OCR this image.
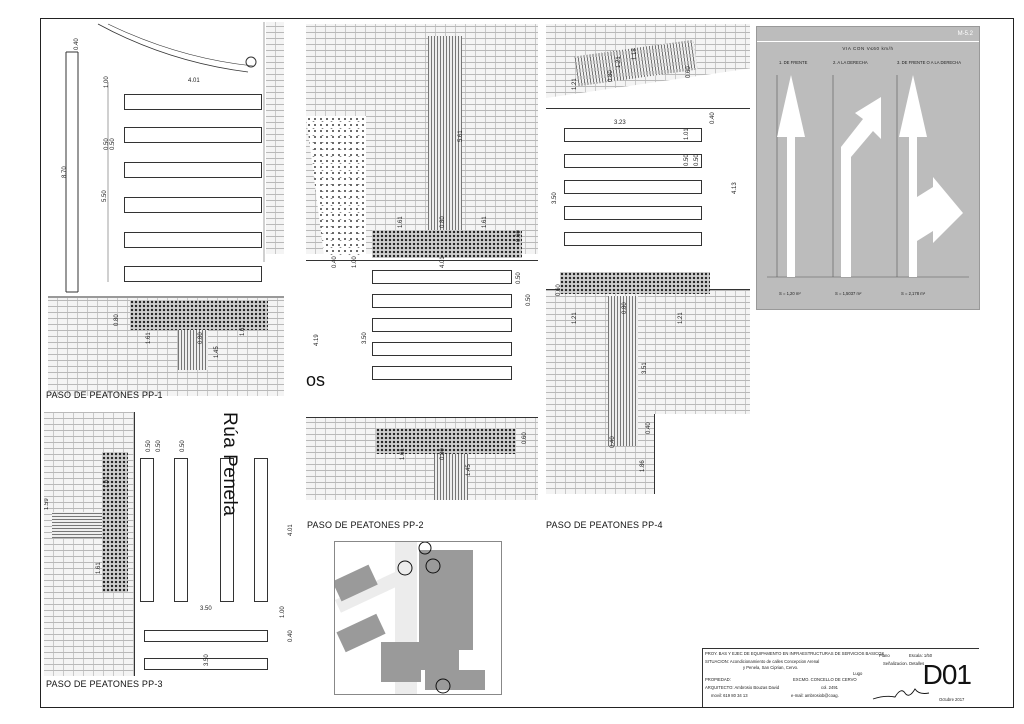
4.01
0.40
1.00
0.50 0.50
8.70
5.50
0.80
0.80
1.61
1.61
1.45
PASO DE PEATONES PP-1
os
5.61
1.61	0.80	1.61
0.60
0.40 1.00	4.01
0.50
0.50
4.19	3.50
0.60
1.61	0.80
1.45
PASO DE PEATONES PP-2
1.21
0.80
1.21
1.18
0.60
3.23	0.40
1.01
0.50 0.50
3.50
4.13
0.60
1.21
0.80
1.21
3.51
0.40
0.40
1.86
PASO DE PEATONES PP-4
0.50 0.50	0.50
1.61
1.59
1.61
4.01
3.50	1.00
0.40
3.50
Rúa Penela
PASO DE PEATONES PP-3
M-5.2
VIA CON V≤60 km/h
1. DE FRENTE	2. A LA DERECHA	3. DE FRENTE O A LA DERECHA
S = 1,20 m²	S = 1,5037 m²	S = 2,178 m²
PROY. BAS Y EJEC DE EQUIPAMENTO EN INFRAESTRUCTURAS DE SERVICIOS BASICOS
SITUACION: Acondicionamiento de calles Concepcion Arenal
y Penela, San Ciprian, Cervo.
Lugo
PROPIEDAD:	EXCMO. CONCELLO DE CERVO
ARQUITECTO: Ambrosio Bouzas David	col. 2491
movil: 619 80 34 13	e-mail: ambrosiob@coag.
Plano	Escala: 1/50
Señalizacion. Detalles
D01
Octubre 2017
